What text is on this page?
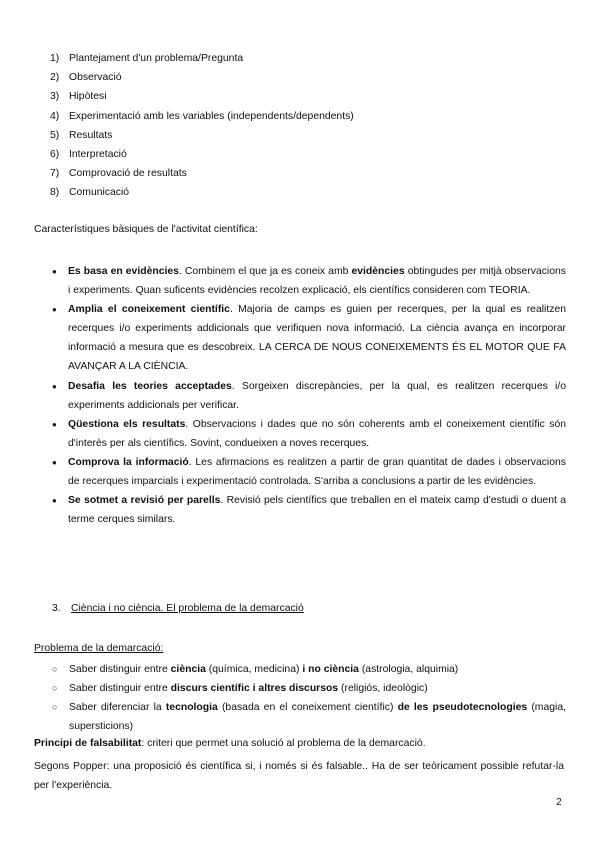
1) Plantejament d'un problema/Pregunta
2) Observació
3) Hipòtesi
4) Experimentació amb les variables (independents/dependents)
5) Resultats
6) Interpretació
7) Comprovació de resultats
8) Comunicació
Característiques bàsiques de l'activitat científica:
● Es basa en evidències. Combinem el que ja es coneix amb evidències obtingudes per mitjà observacions i experiments. Quan suficents evidències recolzen explicació, els científics consideren com TEORIA.
● Amplia el coneixement científic. Majoria de camps es guien per recerques, per la qual es realitzen recerques i/o experiments addicionals que verifiquen nova informació. La ciència avança en incorporar informació a mesura que es descobreix. LA CERCA DE NOUS CONEIXEMENTS ÉS EL MOTOR QUE FA AVANÇAR A LA CIÈNCIA.
● Desafia les teories acceptades. Sorgeixen discrepàncies, per la qual, es realitzen recerques i/o experiments addicionals per verificar.
● Qüestiona els resultats. Observacions i dades que no són coherents amb el coneixement científic són d'interès per als científics. Sovint, condueixen a noves recerques.
● Comprova la informació. Les afirmacions es realitzen a partir de gran quantitat de dades i observacions de recerques imparcials i experimentació controlada. S'arriba a conclusions a partir de les evidències.
● Se sotmet a revisió per parells. Revisió pels científics que treballen en el mateix camp d'estudi o duent a terme cerques similars.
3. Ciència i no ciència. El problema de la demarcació
Problema de la demarcació:
○ Saber distinguir entre ciència (química, medicina) i no ciència (astrologia, alquimia)
○ Saber distinguir entre discurs científic i altres discursos (religiós, ideològic)
○ Saber diferenciar la tecnologia (basada en el coneixement científic) de les pseudotecnologies (magia, supersticions)
Principi de falsabilitat: criteri que permet una solució al problema de la demarcació.
Segons Popper: una proposició és científica si, i només si és falsable.. Ha de ser teòricament possible refutar-la per l'experiència.
2
